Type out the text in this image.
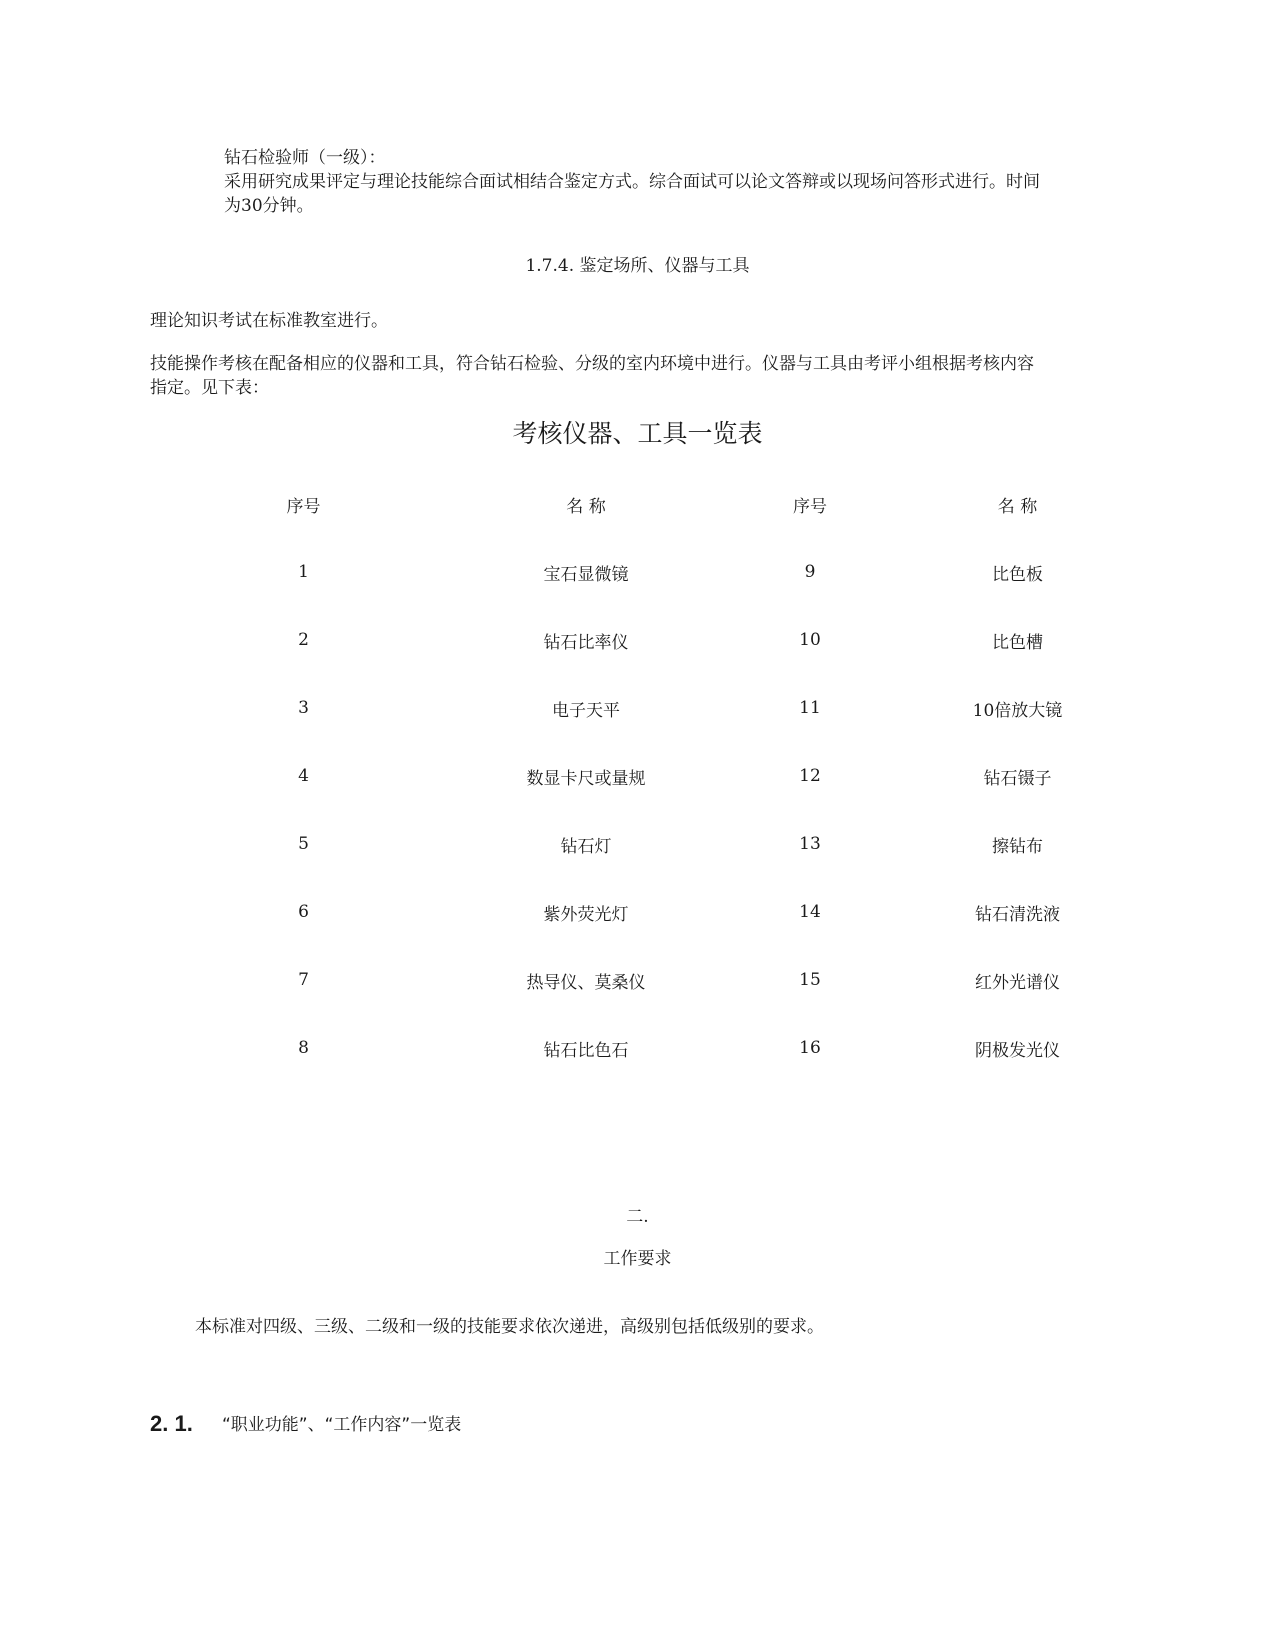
钻石检验师（一级）：
采用研究成果评定与理论技能综合面试相结合鉴定方式。综合面试可以论文答辩或以现场问答形式进行。时间
为30分钟。
1.7.4. 鉴定场所、仪器与工具
理论知识考试在标准教室进行。
技能操作考核在配备相应的仪器和工具，符合钻石检验、分级的室内环境中进行。仪器与工具由考评小组根据考核内容
指定。见下表：
考核仪器、工具一览表
序号	名 称	序号	名 称
1	宝石显微镜	9	比色板
2	钻石比率仪	10	比色槽
3	电子天平	11	10倍放大镜
4	数显卡尺或量规	12	钻石镊子
5	钻石灯	13	擦钻布
6	紫外荧光灯	14	钻石清洗液
7	热导仪、莫桑仪	15	红外光谱仪
8	钻石比色石	16	阴极发光仪
二.
工作要求
本标准对四级、三级、二级和一级的技能要求依次递进，高级别包括低级别的要求。
2. 1. “职业功能”、“工作内容”一览表
